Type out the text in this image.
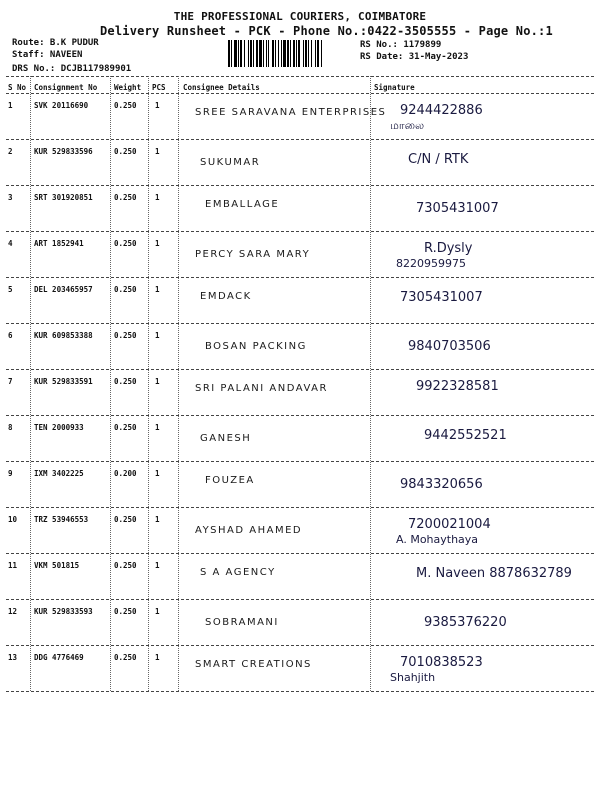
THE PROFESSIONAL COURIERS, COIMBATORE
Delivery Runsheet - PCK - Phone No.:0422-3505555 - Page No.:1
Route: B.K PUDUR
Staff: NAVEEN
DRS No.: DCJB117989901
RS No.: 1179899
RS Date: 31-May-2023
S No Consignment No Weight PCS Consignee Details	Signature
1	SVK 20116690	0.250 1
SREE SARAVANA ENTERPRISES 9244422886
மாலை
2	KUR 529833596	0.250 1
SUKUMAR	C/N / RTK
3	SRT 301920851	0.250 1
EMBALLAGE	7305431007
4	ART 1852941	0.250 1
PERCY SARA MARY	R.Dysly
8220959975
5	DEL 203465957	0.250 1
EMDACK	7305431007
6	KUR 609853388	0.250 1
BOSAN PACKING	9840703506
7	KUR 529833591	0.250 1
SRI PALANI ANDAVAR	9922328581
8	TEN 2000933	0.250 1
GANESH	9442552521
9	IXM 3402225	0.200 1
FOUZEA	9843320656
10 TRZ 53946553	0.250 1
AYSHAD AHAMED	7200021004
A. Mohaythaya
11 VKM 501815	0.250 1
S A AGENCY	M. Naveen 8878632789
12 KUR 529833593	0.250 1
SOBRAMANI	9385376220
13 DDG 4776469	0.250 1
SMART CREATIONS	7010838523
Shahjith
